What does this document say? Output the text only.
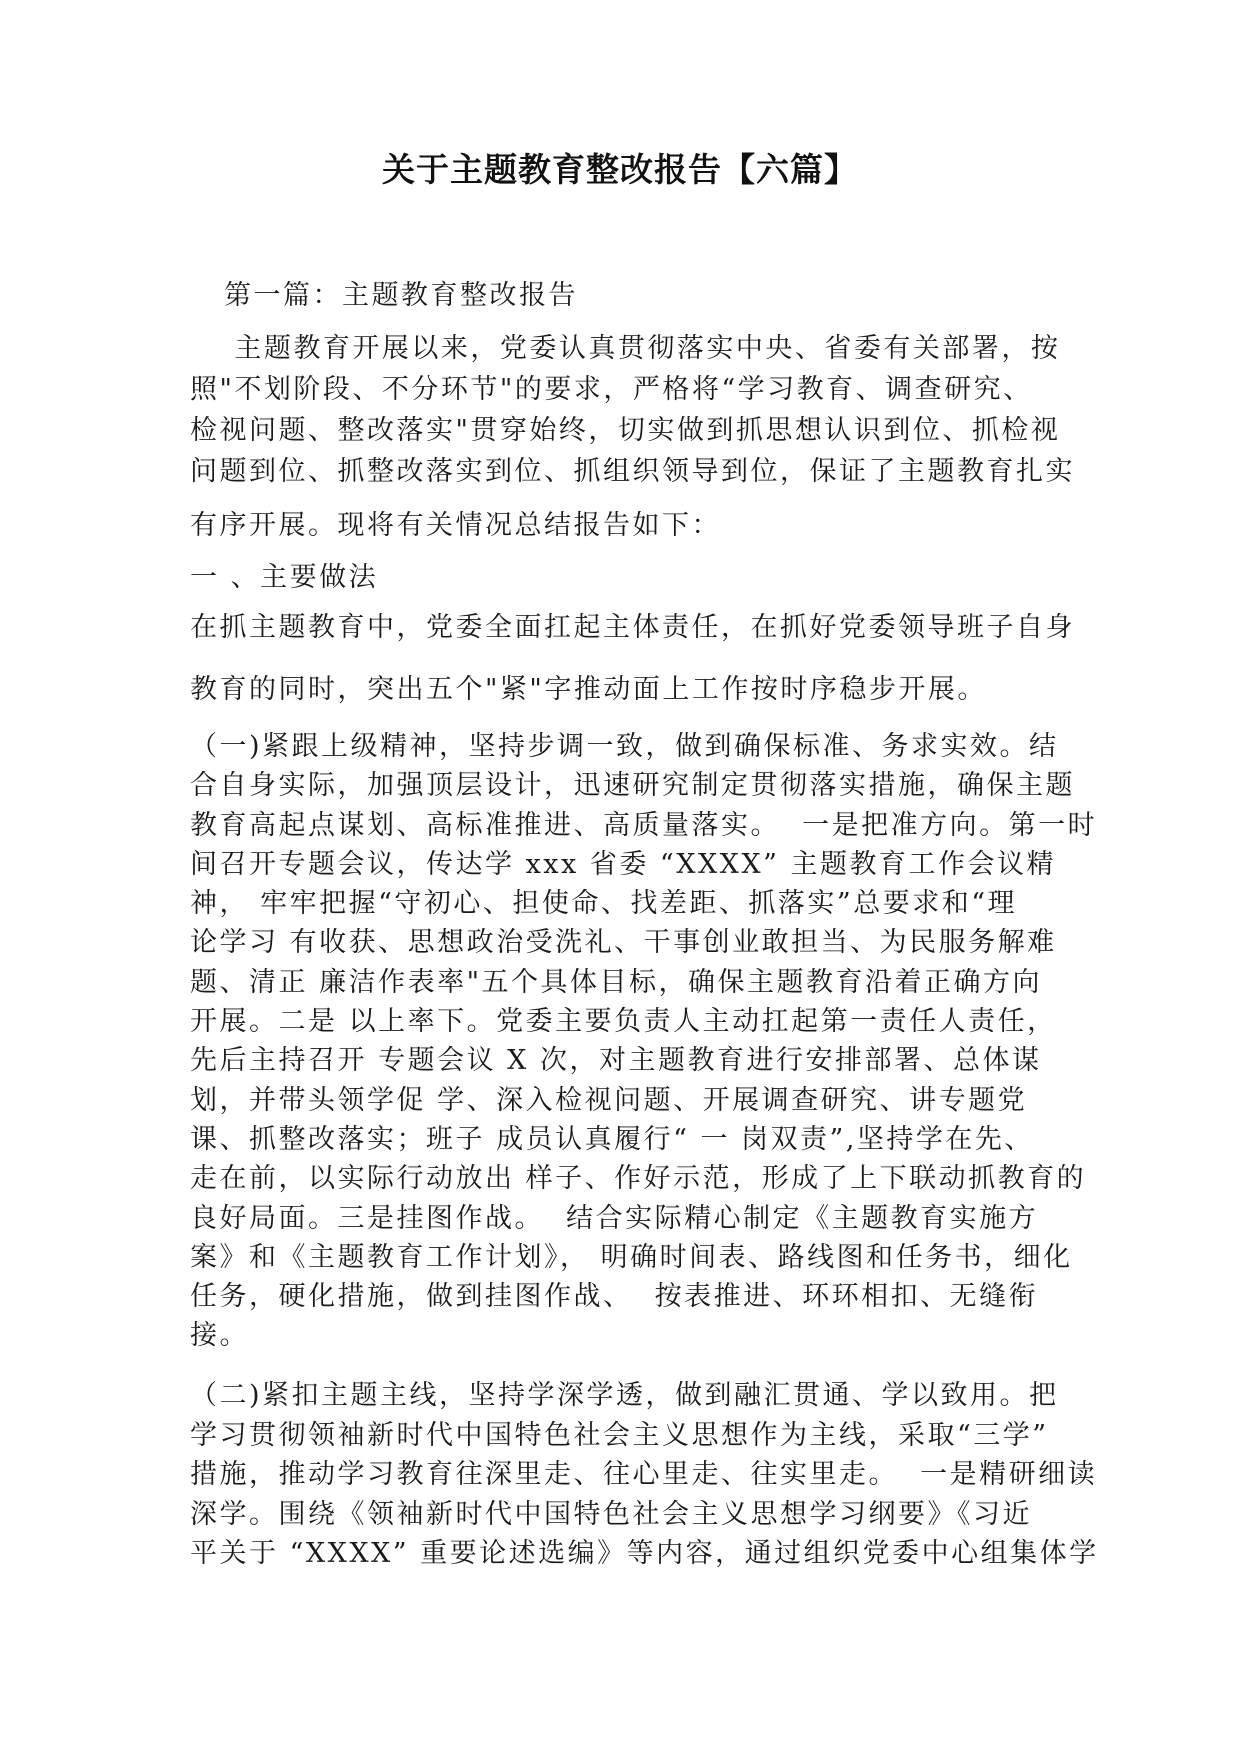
关于主题教育整改报告【六篇】

第一篇：主题教育整改报告

主题教育开展以来，党委认真贯彻落实中央、省委有关部署，按
照"不划阶段、不分环节"的要求，严格将“学习教育、调查研究、
检视问题、整改落实"贯穿始终，切实做到抓思想认识到位、抓检视
问题到位、抓整改落实到位、抓组织领导到位，保证了主题教育扎实

有序开展。现将有关情况总结报告如下：

一 、主要做法

在抓主题教育中，党委全面扛起主体责任，在抓好党委领导班子自身

教育的同时，突出五个"紧"字推动面上工作按时序稳步开展。

（一)紧跟上级精神，坚持步调一致，做到确保标准、务求实效。结
合自身实际，加强顶层设计，迅速研究制定贯彻落实措施，确保主题
教育高起点谋划、高标准推进、高质量落实。  一是把准方向。第一时
间召开专题会议，传达学 xxx 省委 “XXXX” 主题教育工作会议精
神， 牢牢把握“守初心、担使命、找差距、抓落实”总要求和“理
论学习 有收获、思想政治受洗礼、干事创业敢担当、为民服务解难
题、清正 廉洁作表率"五个具体目标，确保主题教育沿着正确方向
开展。二是 以上率下。党委主要负责人主动扛起第一责任人责任，
先后主持召开 专题会议 X 次，对主题教育进行安排部署、总体谋
划，并带头领学促 学、深入检视问题、开展调查研究、讲专题党
课、抓整改落实；班子 成员认真履行“ 一 岗双责”,坚持学在先、
走在前，以实际行动放出 样子、作好示范，形成了上下联动抓教育的
良好局面。三是挂图作战。  结合实际精心制定《主题教育实施方
案》和《主题教育工作计划》， 明确时间表、路线图和任务书，细化
任务，硬化措施，做到挂图作战、  按表推进、环环相扣、无缝衔
接。

（二)紧扣主题主线，坚持学深学透，做到融汇贯通、学以致用。把
学习贯彻领袖新时代中国特色社会主义思想作为主线，采取“三学”
措施，推动学习教育往深里走、往心里走、往实里走。  一是精研细读
深学。围绕《领袖新时代中国特色社会主义思想学习纲要》《习近
平关于 “XXXX” 重要论述选编》等内容，通过组织党委中心组集体学
